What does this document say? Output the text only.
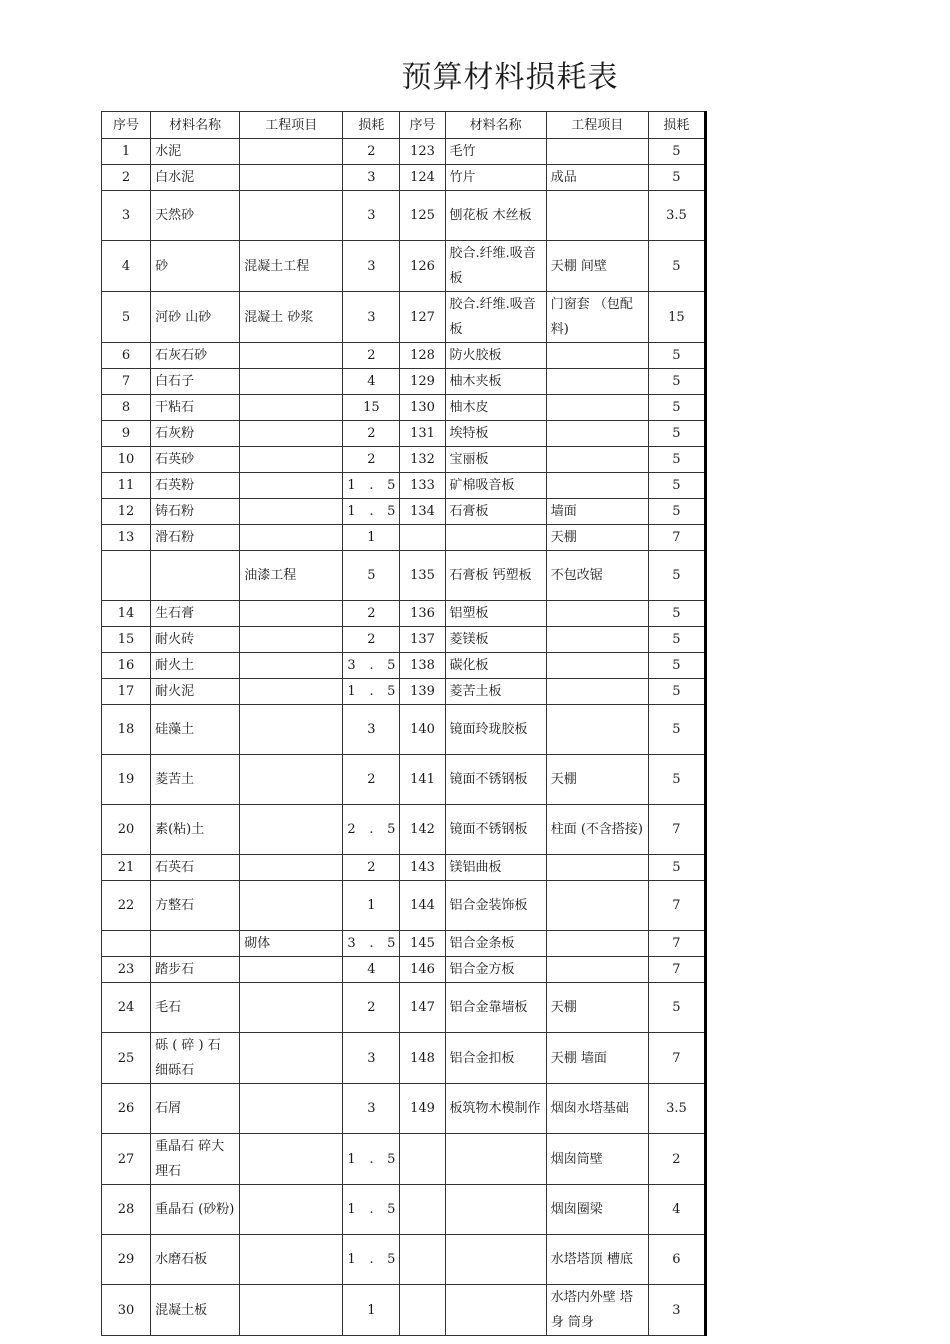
预算材料损耗表
序号	材料名称	工程项目	损耗	序号	材料名称	工程项目	损耗
1	水泥		2	123	毛竹		5
2	白水泥		3	124	竹片	成品	5
3	天然砂		3	125	刨花板 木丝板		3.5
4	砂	混凝土工程	3	126	胶合.纤维.吸音板	天棚 间壁	5
5	河砂 山砂	混凝土 砂浆	3	127	胶合.纤维.吸音板	门窗套 （包配料)	15
6	石灰石砂		2	128	防火胶板		5
7	白石子		4	129	柚木夹板		5
8	干粘石		15	130	柚木皮		5
9	石灰粉		2	131	埃特板		5
10	石英砂		2	132	宝丽板		5
11	石英粉		1 . 5	133	矿棉吸音板		5
12	铸石粉		1 . 5	134	石膏板	墙面	5
13	滑石粉		1			天棚	7
		油漆工程	5	135	石膏板 钙塑板	不包改锯	5
14	生石膏		2	136	铝塑板		5
15	耐火砖		2	137	菱镁板		5
16	耐火土		3 . 5	138	碳化板		5
17	耐火泥		1 . 5	139	菱苦土板		5
18	硅藻土		3	140	镜面玲珑胶板		5
19	菱苦土		2	141	镜面不锈钢板	天棚	5
20	素(粘)土		2 . 5	142	镜面不锈钢板	柱面 (不含搭接)	7
21	石英石		2	143	镁铝曲板		5
22	方整石		1	144	铝合金装饰板		7
		砌体	3 . 5	145	铝合金条板		7
23	踏步石		4	146	铝合金方板		7
24	毛石		2	147	铝合金靠墙板	天棚	5
25	砾 ( 碎 ) 石 细砾石		3	148	铝合金扣板	天棚 墙面	7
26	石屑		3	149	板筑物木模制作	烟囱水塔基础	3.5
27	重晶石 碎大理石		1 . 5			烟囱筒壁	2
28	重晶石 (砂粉)		1 . 5			烟囱圈梁	4
29	水磨石板		1 . 5			水塔塔顶 槽底	6
30	混凝土板		1			水塔内外壁 塔身 筒身	3
